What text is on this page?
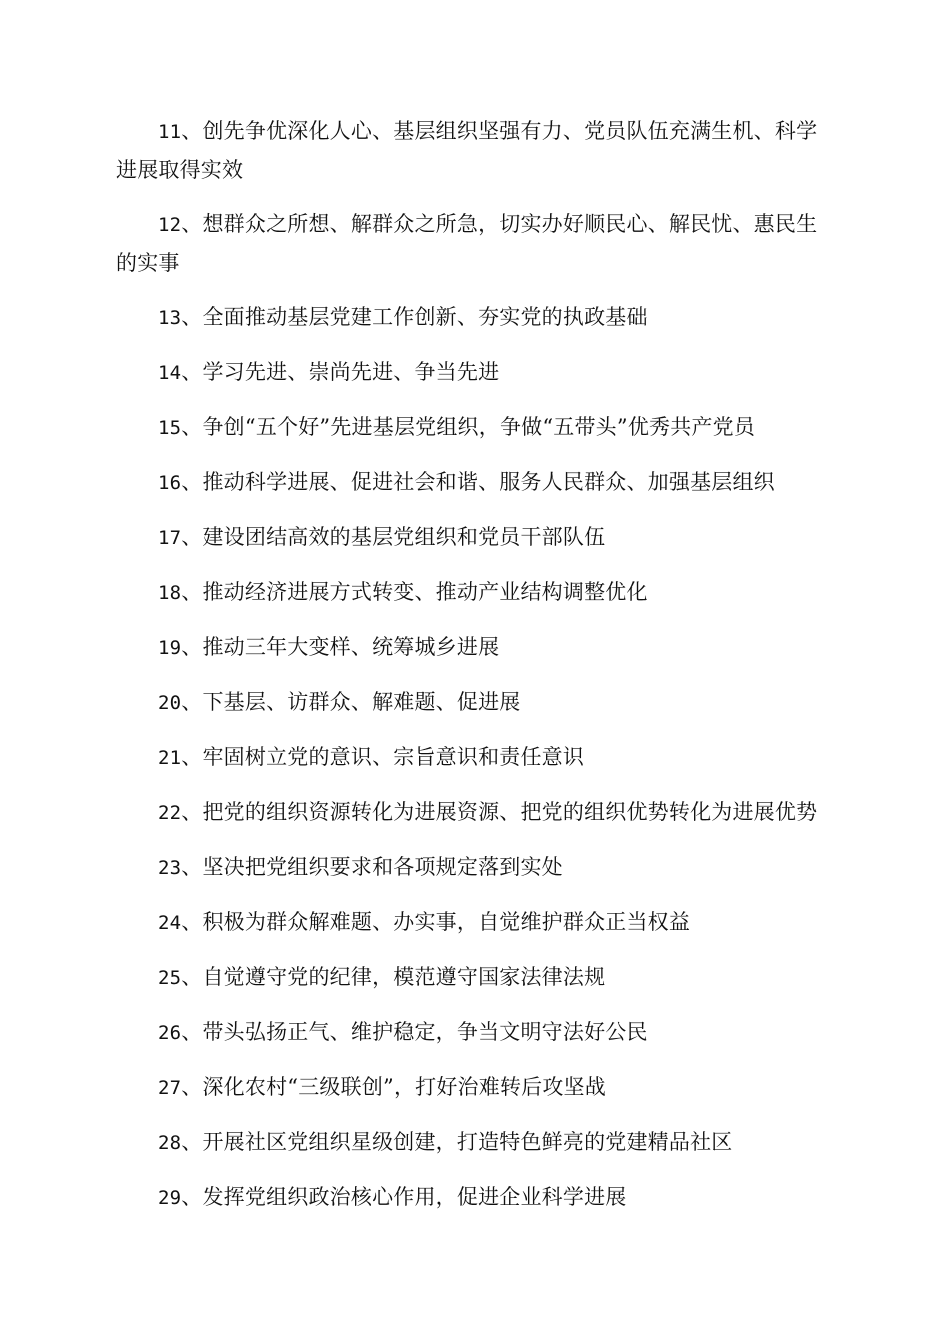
11、创先争优深化人心、基层组织坚强有力、党员队伍充满生机、科学进展取得实效

12、想群众之所想、解群众之所急，切实办好顺民心、解民忧、惠民生的实事

13、全面推动基层党建工作创新、夯实党的执政基础

14、学习先进、崇尚先进、争当先进

15、争创“五个好”先进基层党组织，争做“五带头”优秀共产党员

16、推动科学进展、促进社会和谐、服务人民群众、加强基层组织

17、建设团结高效的基层党组织和党员干部队伍

18、推动经济进展方式转变、推动产业结构调整优化

19、推动三年大变样、统筹城乡进展

20、下基层、访群众、解难题、促进展

21、牢固树立党的意识、宗旨意识和责任意识

22、把党的组织资源转化为进展资源、把党的组织优势转化为进展优势

23、坚决把党组织要求和各项规定落到实处

24、积极为群众解难题、办实事，自觉维护群众正当权益

25、自觉遵守党的纪律，模范遵守国家法律法规

26、带头弘扬正气、维护稳定，争当文明守法好公民

27、深化农村“三级联创”，打好治难转后攻坚战

28、开展社区党组织星级创建，打造特色鲜亮的党建精品社区

29、发挥党组织政治核心作用，促进企业科学进展
